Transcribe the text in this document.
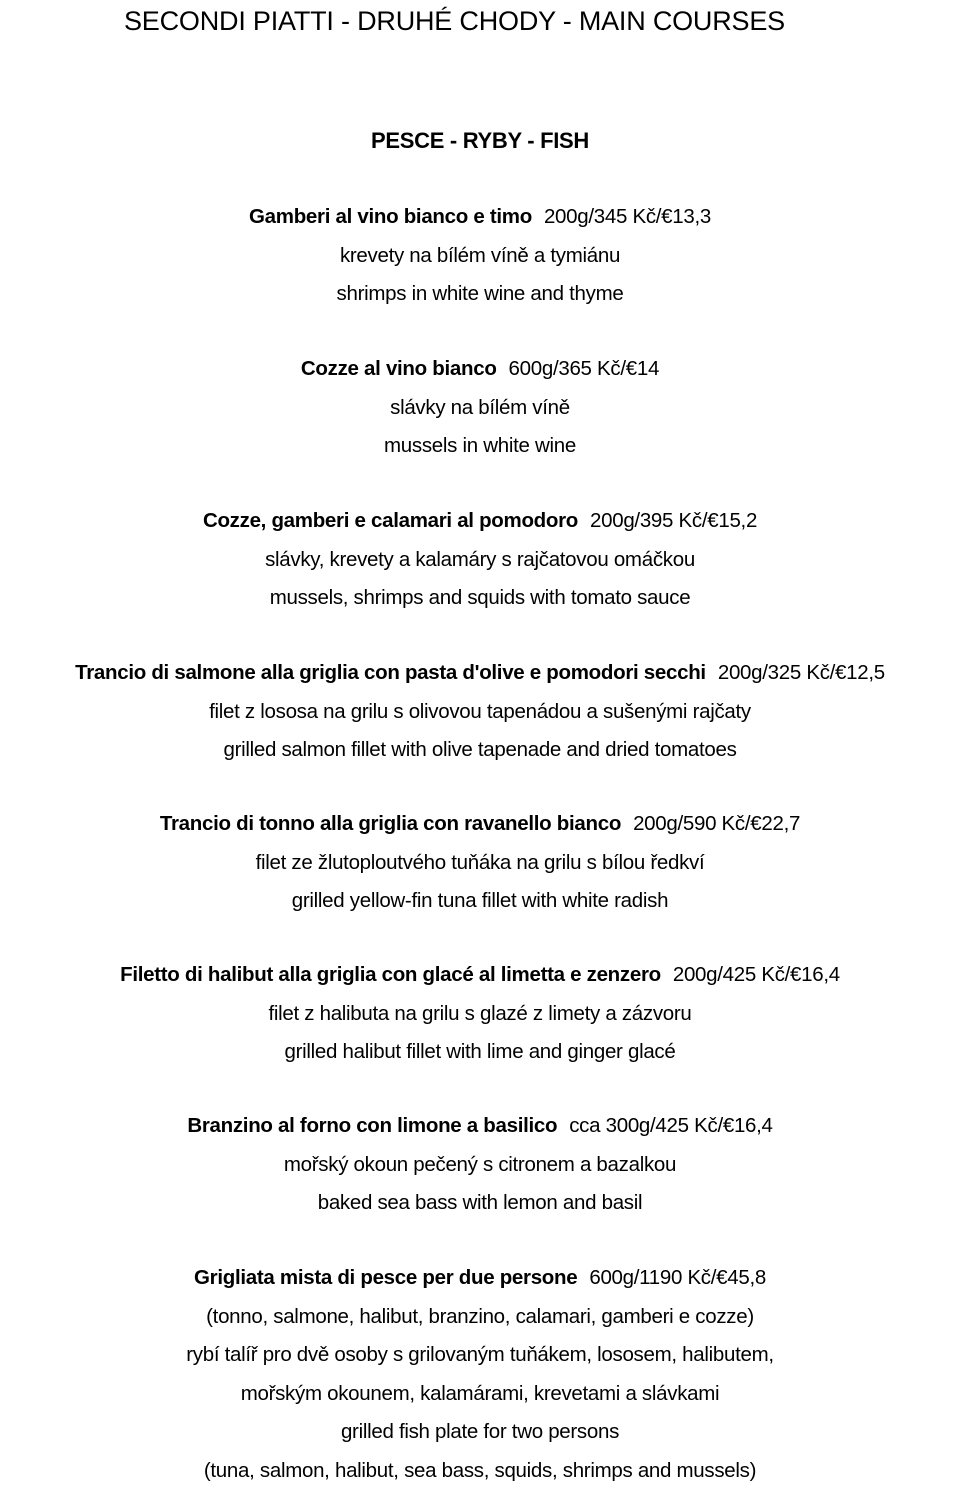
SECONDI PIATTI - DRUHÉ CHODY - MAIN COURSES
PESCE - RYBY - FISH
Gamberi al vino bianco e timo 200g/345 Kč/€13,3
krevety na bílém víně a tymiánu
shrimps in white wine and thyme
Cozze al vino bianco 600g/365 Kč/€14
slávky na bílém víně
mussels in white wine
Cozze, gamberi e calamari al pomodoro 200g/395 Kč/€15,2
slávky, krevety a kalamáry s rajčatovou omáčkou
mussels, shrimps and squids with tomato sauce
Trancio di salmone alla griglia con pasta d'olive e pomodori secchi 200g/325 Kč/€12,5
filet z lososa na grilu s olivovou tapenádou a sušenými rajčaty
grilled salmon fillet with olive tapenade and dried tomatoes
Trancio di tonno alla griglia con ravanello bianco 200g/590 Kč/€22,7
filet ze žlutoploutvého tuňáka na grilu s bílou ředkví
grilled yellow-fin tuna fillet with white radish
Filetto di halibut alla griglia con glacé al limetta e zenzero 200g/425 Kč/€16,4
filet z halibuta na grilu s glazé z limety a zázvoru
grilled halibut fillet with lime and ginger glacé
Branzino al forno con limone a basilico cca 300g/425 Kč/€16,4
mořský okoun pečený s citronem a bazalkou
baked sea bass with lemon and basil
Grigliata mista di pesce per due persone 600g/1190 Kč/€45,8
(tonno, salmone, halibut, branzino, calamari, gamberi e cozze)
rybí talíř pro dvě osoby s grilovaným tuňákem, lososem, halibutem,
mořským okounem, kalamárami, krevetami a slávkami
grilled fish plate for two persons
(tuna, salmon, halibut, sea bass, squids, shrimps and mussels)
